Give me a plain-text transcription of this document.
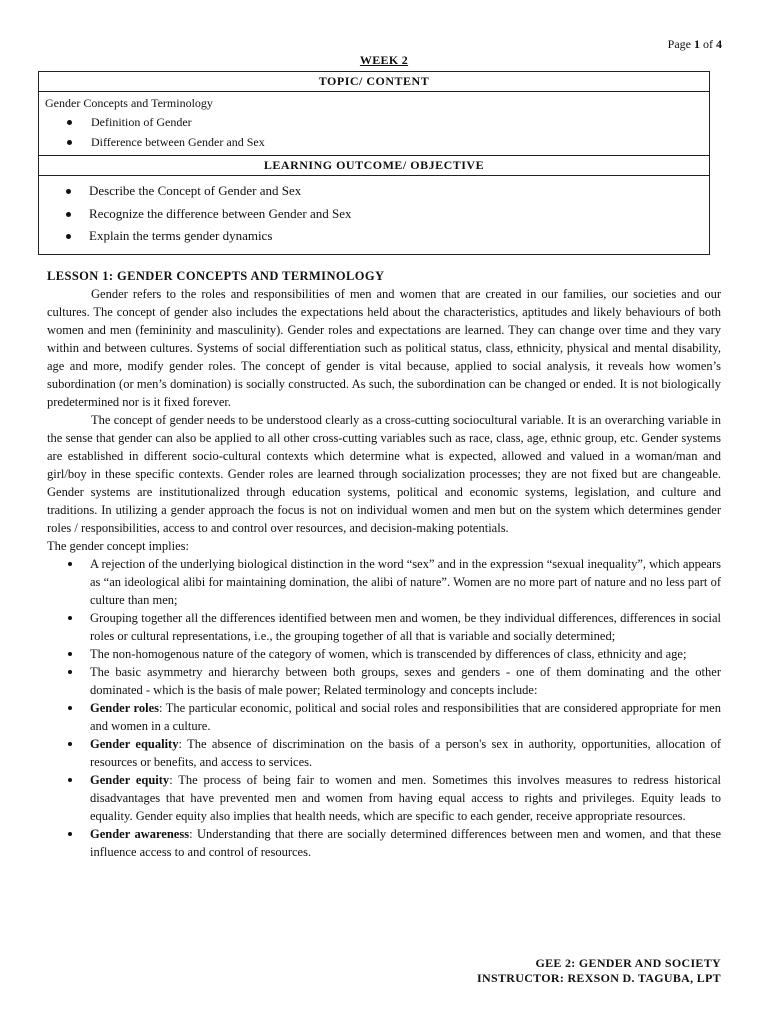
Page 1 of 4
WEEK 2
TOPIC/ CONTENT
Gender Concepts and Terminology
Definition of Gender
Difference between Gender and Sex
LEARNING OUTCOME/ OBJECTIVE
Describe the Concept of Gender and Sex
Recognize the difference between Gender and Sex
Explain the terms gender dynamics
LESSON 1: GENDER CONCEPTS AND TERMINOLOGY

Gender refers to the roles and responsibilities of men and women that are created in our families, our societies and our cultures. The concept of gender also includes the expectations held about the characteristics, aptitudes and likely behaviours of both women and men (femininity and masculinity). Gender roles and expectations are learned. They can change over time and they vary within and between cultures. Systems of social differentiation such as political status, class, ethnicity, physical and mental disability, age and more, modify gender roles. The concept of gender is vital because, applied to social analysis, it reveals how women’s subordination (or men’s domination) is socially constructed. As such, the subordination can be changed or ended. It is not biologically predetermined nor is it fixed forever.

The concept of gender needs to be understood clearly as a cross-cutting sociocultural variable. It is an overarching variable in the sense that gender can also be applied to all other cross-cutting variables such as race, class, age, ethnic group, etc. Gender systems are established in different socio-cultural contexts which determine what is expected, allowed and valued in a woman/man and girl/boy in these specific contexts. Gender roles are learned through socialization processes; they are not fixed but are changeable. Gender systems are institutionalized through education systems, political and economic systems, legislation, and culture and traditions. In utilizing a gender approach the focus is not on individual women and men but on the system which determines gender roles / responsibilities, access to and control over resources, and decision-making potentials.

The gender concept implies:

A rejection of the underlying biological distinction in the word “sex” and in the expression “sexual inequality”, which appears as “an ideological alibi for maintaining domination, the alibi of nature”. Women are no more part of nature and no less part of culture than men;
Grouping together all the differences identified between men and women, be they individual differences, differences in social roles or cultural representations, i.e., the grouping together of all that is variable and socially determined;
The non-homogenous nature of the category of women, which is transcended by differences of class, ethnicity and age;
The basic asymmetry and hierarchy between both groups, sexes and genders - one of them dominating and the other dominated - which is the basis of male power; Related terminology and concepts include:
Gender roles: The particular economic, political and social roles and responsibilities that are considered appropriate for men and women in a culture.
Gender equality: The absence of discrimination on the basis of a person's sex in authority, opportunities, allocation of resources or benefits, and access to services.
Gender equity: The process of being fair to women and men. Sometimes this involves measures to redress historical disadvantages that have prevented men and women from having equal access to rights and privileges. Equity leads to equality. Gender equity also implies that health needs, which are specific to each gender, receive appropriate resources.
Gender awareness: Understanding that there are socially determined differences between men and women, and that these influence access to and control of resources.
GEE 2: GENDER AND SOCIETY
INSTRUCTOR: REXSON D. TAGUBA, LPT
